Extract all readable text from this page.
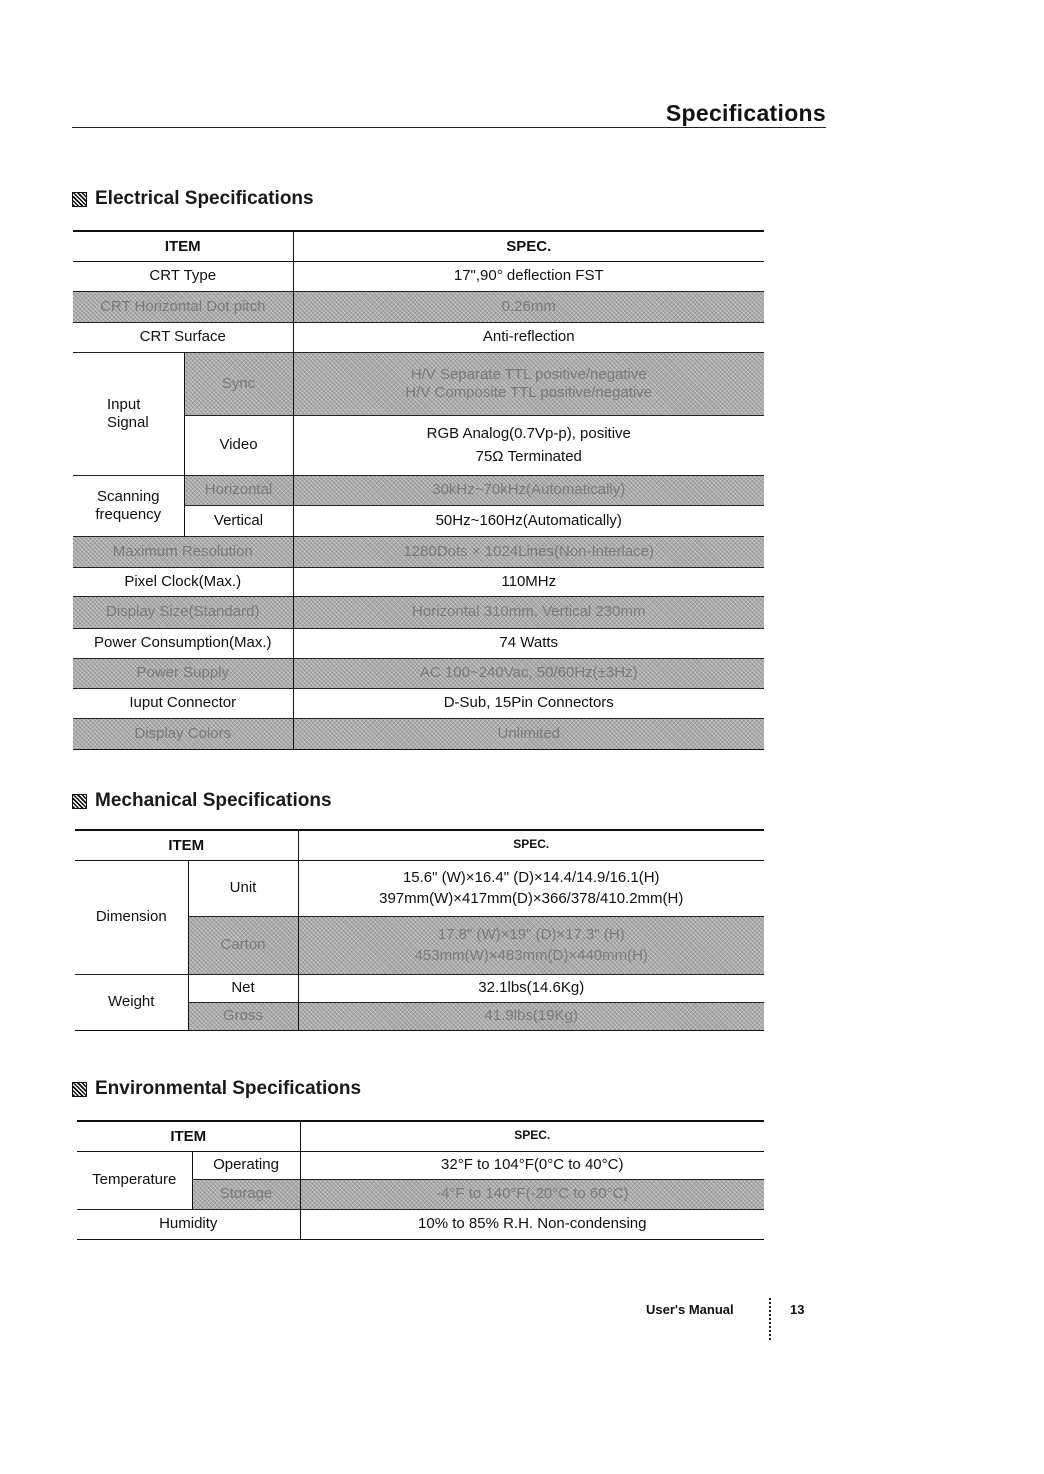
Specifications
Electrical Specifications
ITEM		SPEC.
CRT Type		17",90° deflection FST
CRT Horizontal Dot pitch		0.26mm
CRT Surface		Anti-reflection

Input
Signal	Sync	H/V Separate TTL positive/negative
H/V Composite TTL positive/negative

	Video	RGB Analog(0.7Vp-p), positive
75Ω Terminated

Scanning
frequency	Horizontal	30kHz~70kHz(Automatically)
	Vertical	50Hz~160Hz(Automatically)
Maximum Resolution		1280Dots × 1024Lines(Non-Interlace)
Pixel Clock(Max.)		110MHz
Display Size(Standard)		Horizontal 310mm, Vertical 230mm
Power Consumption(Max.)		74 Watts
Power Supply		AC 100~240Vac, 50/60Hz(±3Hz)
Iuput Connector		D-Sub, 15Pin Connectors
Display Colors		Unlimited
Mechanical Specifications
ITEM		SPEC.
Dimension	Unit	15.6" (W)×16.4" (D)×14.4/14.9/16.1(H)
397mm(W)×417mm(D)×366/378/410.2mm(H)

	Carton	17.8" (W)×19" (D)×17.3" (H)
453mm(W)×483mm(D)×440mm(H)

Weight	Net	32.1lbs(14.6Kg)
	Gross	41.9lbs(19Kg)
Environmental Specifications
ITEM		SPEC.
Temperature	Operating	32°F to 104°F(0°C to 40°C)
	Storage	-4°F to 140°F(-20°C to 60°C)
Humidity		10% to 85% R.H. Non-condensing

User's Manual	13
